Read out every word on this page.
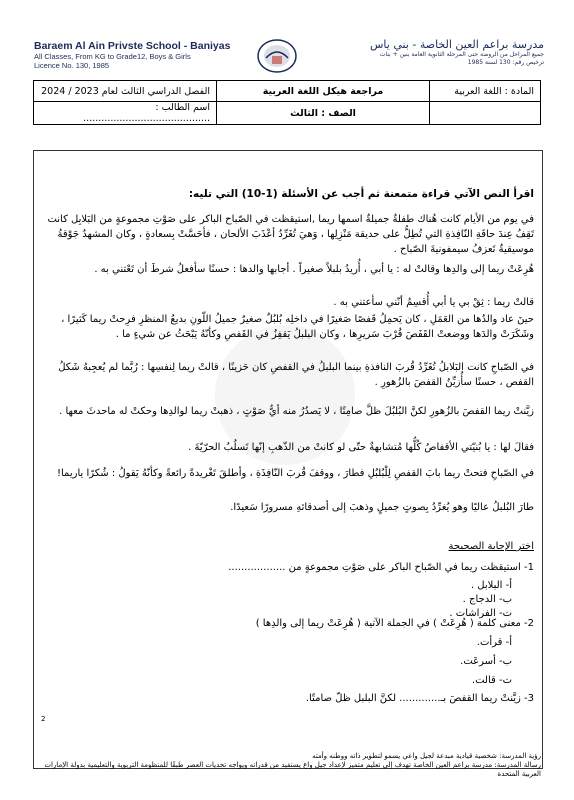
Baraem Al Ain Privste School - Baniyas
All Classes, From KG to Grade12, Boys & Girls
Licence No. 130, 1985
مدرسة براعم العين الخاصة - بني ياس
جميع المراحل من الروضة حتى المرحلة الثانوية العامة بنين + بنات
ترخيص رقم: 130 لسنة 1985
الفصل الدراسي الثالث لعام 2023 / 2024	مراجعة هيكل اللغة العربية	المادة : اللغة العربية
اسم الطالب : ..........................................	الصف : الثالث	
اقرأ النص الآتي قراءة متمعنة ثم أجب عن الأسئلة (1-10) التي تليه:
في يوم من الأيام كانت هُناك طفلةٌ جميلةٌ اسمها ريما ,استيقظت في الصّباح الباكر على صَوْتِ مجموعةٍ من البَلابِل كانت تَقِفُ عِندَ حافَةِ النّافِذةِ التي تُطِلُّ على حديقة مَنْزِلِها ، وَهيَ تُغَرِّدُ أعْذَبَ الألحان ، فأحَسَّتْ بِسعادةٍ ، وكان المشهدُ جَوْقةُ موسيقيةٌ تَعزفُ سيمفونيةَ الصّباح .
هُرِعَتْ ريما إلى والدِها وقالتْ له : يا أبي ، أُريدُ بلبلاً صغيراً . أجابها والدها : حسنًا سأفعلُ شرطَ أن تَعْتني به .
قالتْ ريما : ثِقْ بي يا أبي أُقسِمُ أنّني سأعتني به .
حينَ عاد والدُها من العَمَلِ ، كان يَحمِلُ قَفصًا صَغيرًا في داخلِه بُلبُلٌ صغيرٌ جميلُ اللّونِ بديعُ المنظرِ فرِحتْ ريما كَثيرًا ، وشَكَرَتْ والدَها ووضعتْ القَفَصَ قُرْبَ سَريرِها ، وكان البلبلُ يَقفِزُ في القَفصِ وكأنّهُ يَبْحَثُ عن شيءٍ ما .
في الصّباحِ كانت البَلابلُ تُغَرِّدُ قُربَ النافذةِ بينما البلبلُ في القفصِ كان حَزينًا ، قالتْ ريما لِنفسِها : رُبَّما لم يُعجِبهُ شَكلُ القفص ، حسنًا سأُزيِّنُ القفصَ بالزُهورِ .
زيَّنتْ ريما القفصَ بالزُهورِ لكنَّ البُلبُلَ ظلَّ صامِتًا ، لا يَصدُرُ منه أيُّ صَوْتٍ ، ذهبتْ ريما لوالدِها وحكتْ له ماحدثَ معها .
فقالَ لها : يا بُنيّتي الأقفاصُ كُلُّها مُتشابهةٌ حتّى لو كانتْ من الذّهبِ إنّها تَسلُبُ الحرّيّةَ .
في الصّباحِ فتحتْ ريما بابَ القفصِ لِلْبُلبُلِ فطارَ ، ووقفَ قُربَ النّافِذَةِ ، وأطلقَ تَغْريدةً رائعةً وكأنّهُ يَقولُ : شُكرًا ياريما!
طارَ البُلبلُ عاليًا وهو يُغرِّدُ بِصوتٍ جميلٍ وذهبَ إلى أصدقائهِ مسرورًا سَعيدًا.
اختر الإجابة الصحيحة
1- استيقظت ريما في الصّباح الباكر على صَوْتِ مجموعةٍ من ..................
أ- البلابل .
ب- الدجاج .
ت- الفراشات .
2- معنى كلمة ( هُرِعَتْ ) في الجملة الآتية ( هُرِعَتْ ريما إلى والدِها )
أ- قرأت.
ب- أسرعَت.
ت- قالت.
3- زيَّنتْ ريما القفصَ بـ............. لكنَّ البلبل ظلّ صامتًا.
2
رؤية المدرسة: شخصية قيادية مبدعة لجيل واعي يسمو لتطوير ذاته ووطنه وأمته
رسالة المدرسة: مدرسة براعم العين الخاصة تهدف إلى تعليم متميز لإعداد جيل واع يستفيد من قدراته ويواجه تحديات العصر طبقًا للمنظومة التربوية والتعليمية بدولة الإمارات العربية المتحدة
